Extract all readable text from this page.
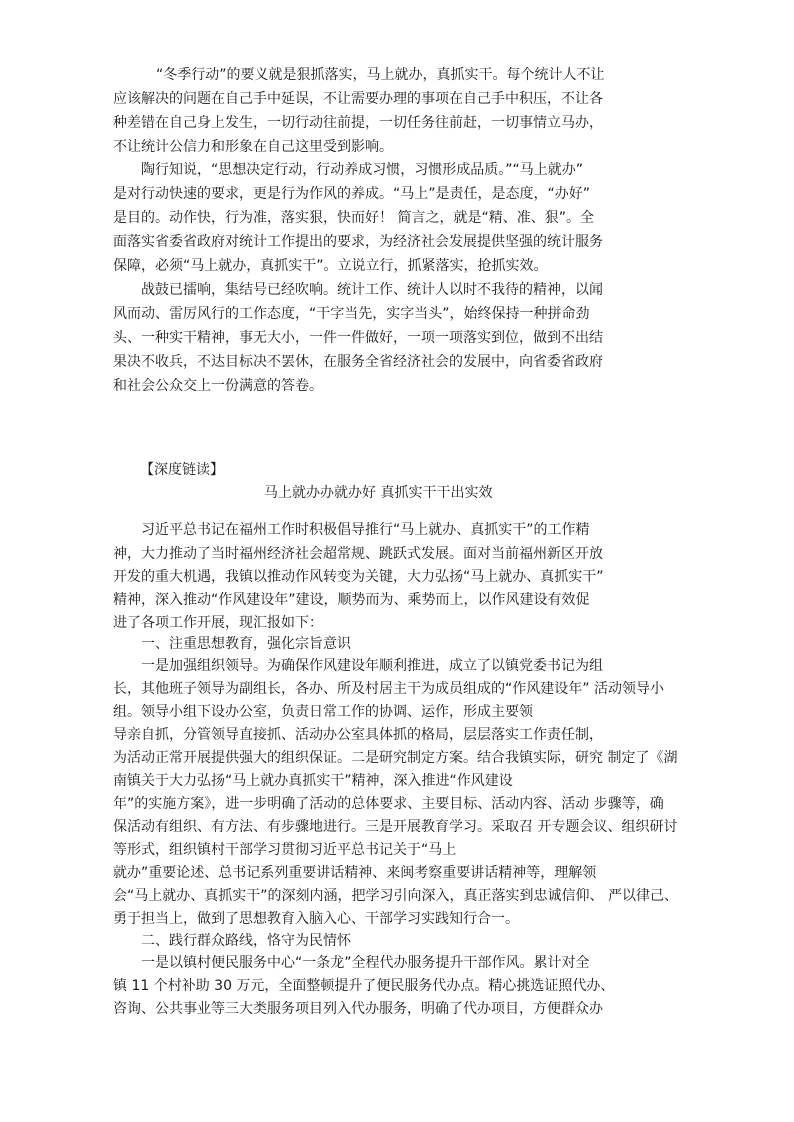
“冬季行动”的要义就是狠抓落实，马上就办，真抓实干。每个统计人不让
应该解决的问题在自己手中延误，不让需要办理的事项在自己手中积压，不让各
种差错在自己身上发生，一切行动往前提，一切任务往前赶，一切事情立马办，
不让统计公信力和形象在自己这里受到影响。
陶行知说，“思想决定行动，行动养成习惯，习惯形成品质。”“马上就办”
是对行动快速的要求，更是行为作风的养成。“马上”是责任，是态度，“办好”
是目的。动作快，行为准，落实狠，快而好！ 简言之，就是“精、准、狠”。全
面落实省委省政府对统计工作提出的要求，为经济社会发展提供坚强的统计服务
保障，必须“马上就办，真抓实干”。立说立行，抓紧落实，抢抓实效。
战鼓已擂响，集结号已经吹响。统计工作、统计人以时不我待的精神，以闻
风而动、雷厉风行的工作态度，“干字当先，实字当头”，始终保持一种拼命劲
头、一种实干精神，事无大小，一件一件做好，一项一项落实到位，做到不出结
果决不收兵，不达目标决不罢休，在服务全省经济社会的发展中，向省委省政府
和社会公众交上一份满意的答卷。
【深度链读】
马上就办办就办好 真抓实干干出实效
习近平总书记在福州工作时积极倡导推行“马上就办、真抓实干”的工作精
神，大力推动了当时福州经济社会超常规、跳跃式发展。面对当前福州新区开放
开发的重大机遇，我镇以推动作风转变为关键，大力弘扬“马上就办、真抓实干”
精神，深入推动“作风建设年”建设，顺势而为、乘势而上，以作风建设有效促
进了各项工作开展，现汇报如下：
一、注重思想教育，强化宗旨意识
一是加强组织领导。为确保作风建设年顺利推进，成立了以镇党委书记为组
长，其他班子领导为副组长，各办、所及村居主干为成员组成的“作风建设年” 活动领导小
组。领导小组下设办公室，负责日常工作的协调、运作，形成主要领
导亲自抓，分管领导直接抓、活动办公室具体抓的格局，层层落实工作责任制，
为活动正常开展提供强大的组织保证。二是研究制定方案。结合我镇实际，研究 制定了《湖
南镇关于大力弘扬“马上就办真抓实干”精神，深入推进“作风建设
年”的实施方案》，进一步明确了活动的总体要求、主要目标、活动内容、活动 步骤等，确
保活动有组织、有方法、有步骤地进行。三是开展教育学习。采取召 开专题会议、组织研讨
等形式，组织镇村干部学习贯彻习近平总书记关于“马上
就办”重要论述、总书记系列重要讲话精神、来闽考察重要讲话精神等，理解领
会“马上就办、真抓实干”的深刻内涵，把学习引向深入，真正落实到忠诚信仰、 严以律己、
勇于担当上，做到了思想教育入脑入心、干部学习实践知行合一。
二、践行群众路线，恪守为民情怀
一是以镇村便民服务中心“一条龙”全程代办服务提升干部作风。累计对全
镇 11 个村补助 30 万元，全面整顿提升了便民服务代办点。精心挑选证照代办、
咨询、公共事业等三大类服务项目列入代办服务，明确了代办项目，方便群众办
